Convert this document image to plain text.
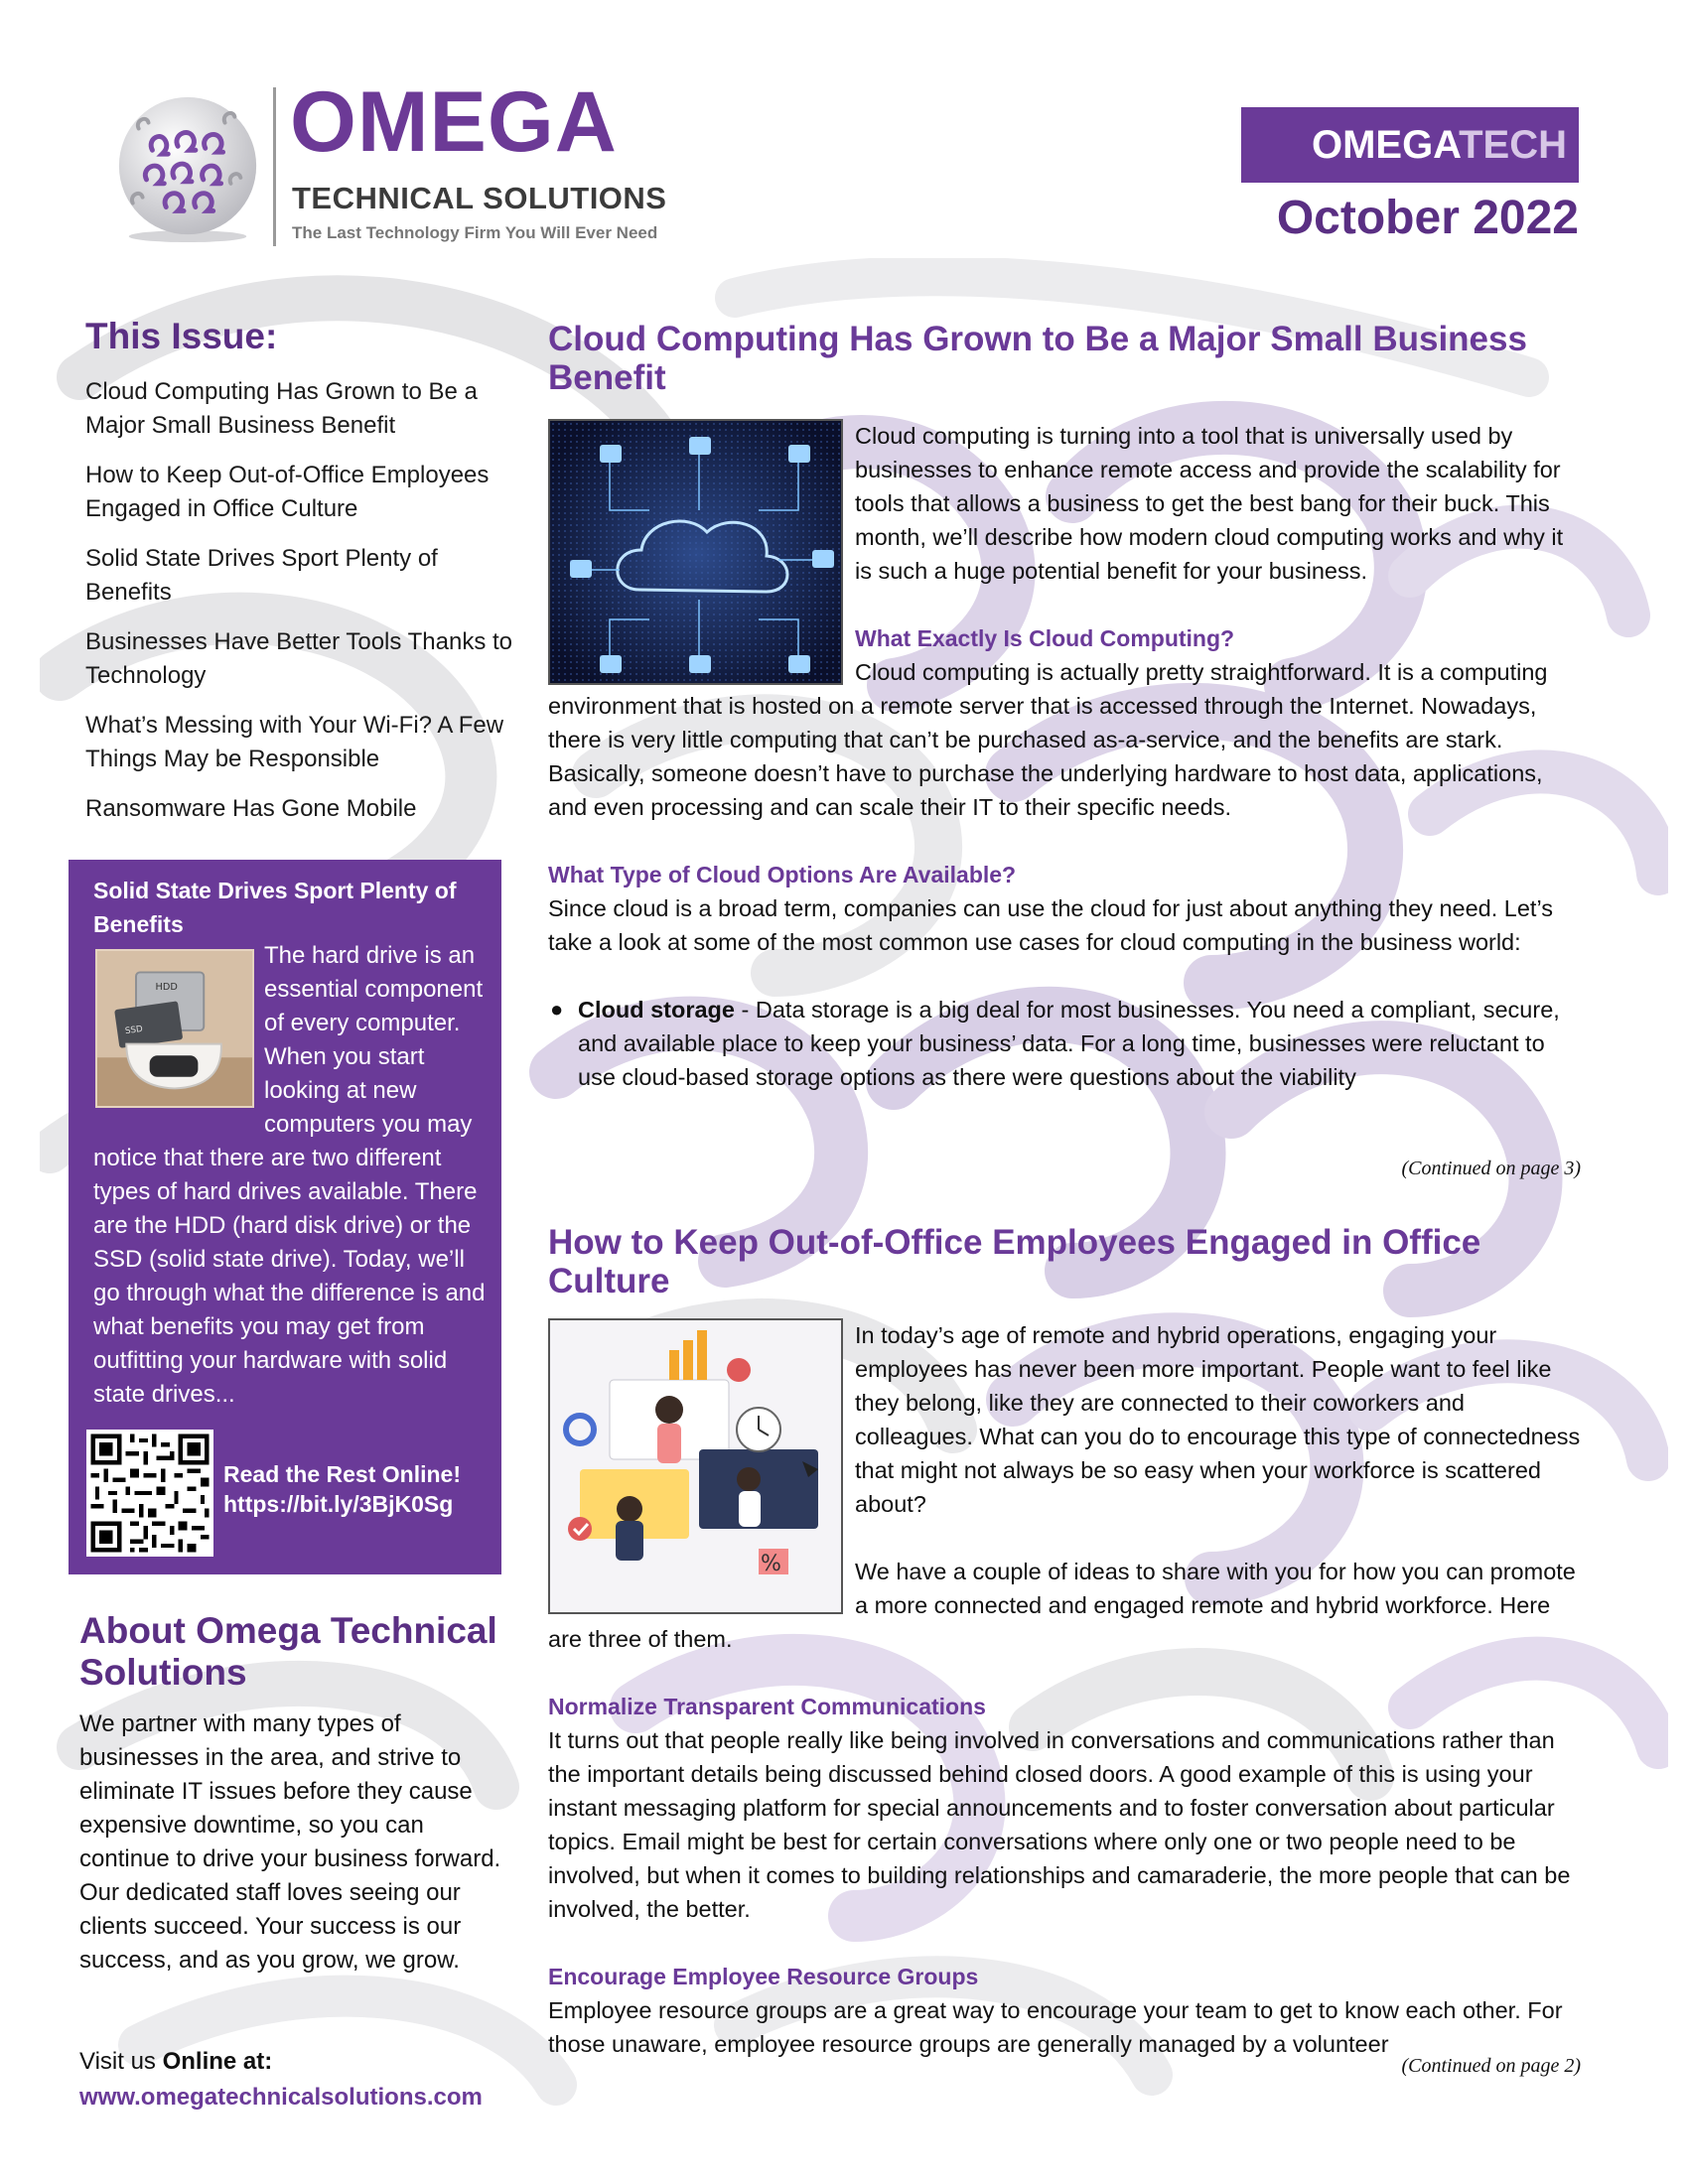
OMEGA
TECHNICAL SOLUTIONS
The Last Technology Firm You Will Ever Need
OMEGATECH
October 2022
This Issue:
Cloud Computing Has Grown to Be a Major Small Business Benefit
How to Keep Out-of-Office Employees Engaged in Office Culture
Solid State Drives Sport Plenty of Benefits
Businesses Have Better Tools Thanks to Technology
What’s Messing with Your Wi-Fi? A Few Things May be Responsible
Ransomware Has Gone Mobile
Solid State Drives Sport Plenty of Benefits
HDD
SSD
The hard drive is an essential component of every computer. When you start looking at new computers you may notice that there are two different types of hard drives available. There are the HDD (hard disk drive) or the SSD (solid state drive). Today, we’ll go through what the difference is and what benefits you may get from outfitting your hardware with solid state drives...
Read the Rest Online!
https://bit.ly/3BjK0Sg
About Omega Technical Solutions
We partner with many types of businesses in the area, and strive to eliminate IT issues before they cause expensive downtime, so you can continue to drive your business forward. Our dedicated staff loves seeing our clients succeed. Your success is our success, and as you grow, we grow.
Visit us Online at:
www.omegatechnicalsolutions.com
Cloud Computing Has Grown to Be a Major Small Business Benefit

Cloud computing is turning into a tool that is universally used by businesses to enhance remote access and provide the scalability for tools that allows a business to get the best bang for their buck. This month, we’ll describe how modern cloud computing works and why it is such a huge potential benefit for your business.

What Exactly Is Cloud Computing?

Cloud computing is actually pretty straightforward. It is a computing environment that is hosted on a remote server that is accessed through the Internet. Nowadays, there is very little computing that can’t be purchased as-a-service, and the benefits are stark. Basically, someone doesn’t have to purchase the underlying hardware to host data, applications, and even processing and can scale their IT to their specific needs.

What Type of Cloud Options Are Available?

Since cloud is a broad term, companies can use the cloud for just about anything they need. Let’s take a look at some of the most common use cases for cloud computing in the business world:

● Cloud storage - Data storage is a big deal for most businesses. You need a compliant, secure, and available place to keep your business’ data. For a long time, businesses were reluctant to use cloud-based storage options as there were questions about the viability
(Continued on page 3)
How to Keep Out-of-Office Employees Engaged in Office Culture
%

In today’s age of remote and hybrid operations, engaging your employees has never been more important. People want to feel like they belong, like they are connected to their coworkers and colleagues. What can you do to encourage this type of connectedness that might not always be so easy when your workforce is scattered about?

We have a couple of ideas to share with you for how you can promote a more connected and engaged remote and hybrid workforce. Here are three of them.

Normalize Transparent Communications

It turns out that people really like being involved in conversations and communications rather than the important details being discussed behind closed doors. A good example of this is using your instant messaging platform for special announcements and to foster conversation about particular topics. Email might be best for certain conversations where only one or two people need to be involved, but when it comes to building relationships and camaraderie, the more people that can be involved, the better.

Encourage Employee Resource Groups

Employee resource groups are a great way to encourage your team to get to know each other. For those unaware, employee resource groups are generally managed by a volunteer

(Continued on page 2)
